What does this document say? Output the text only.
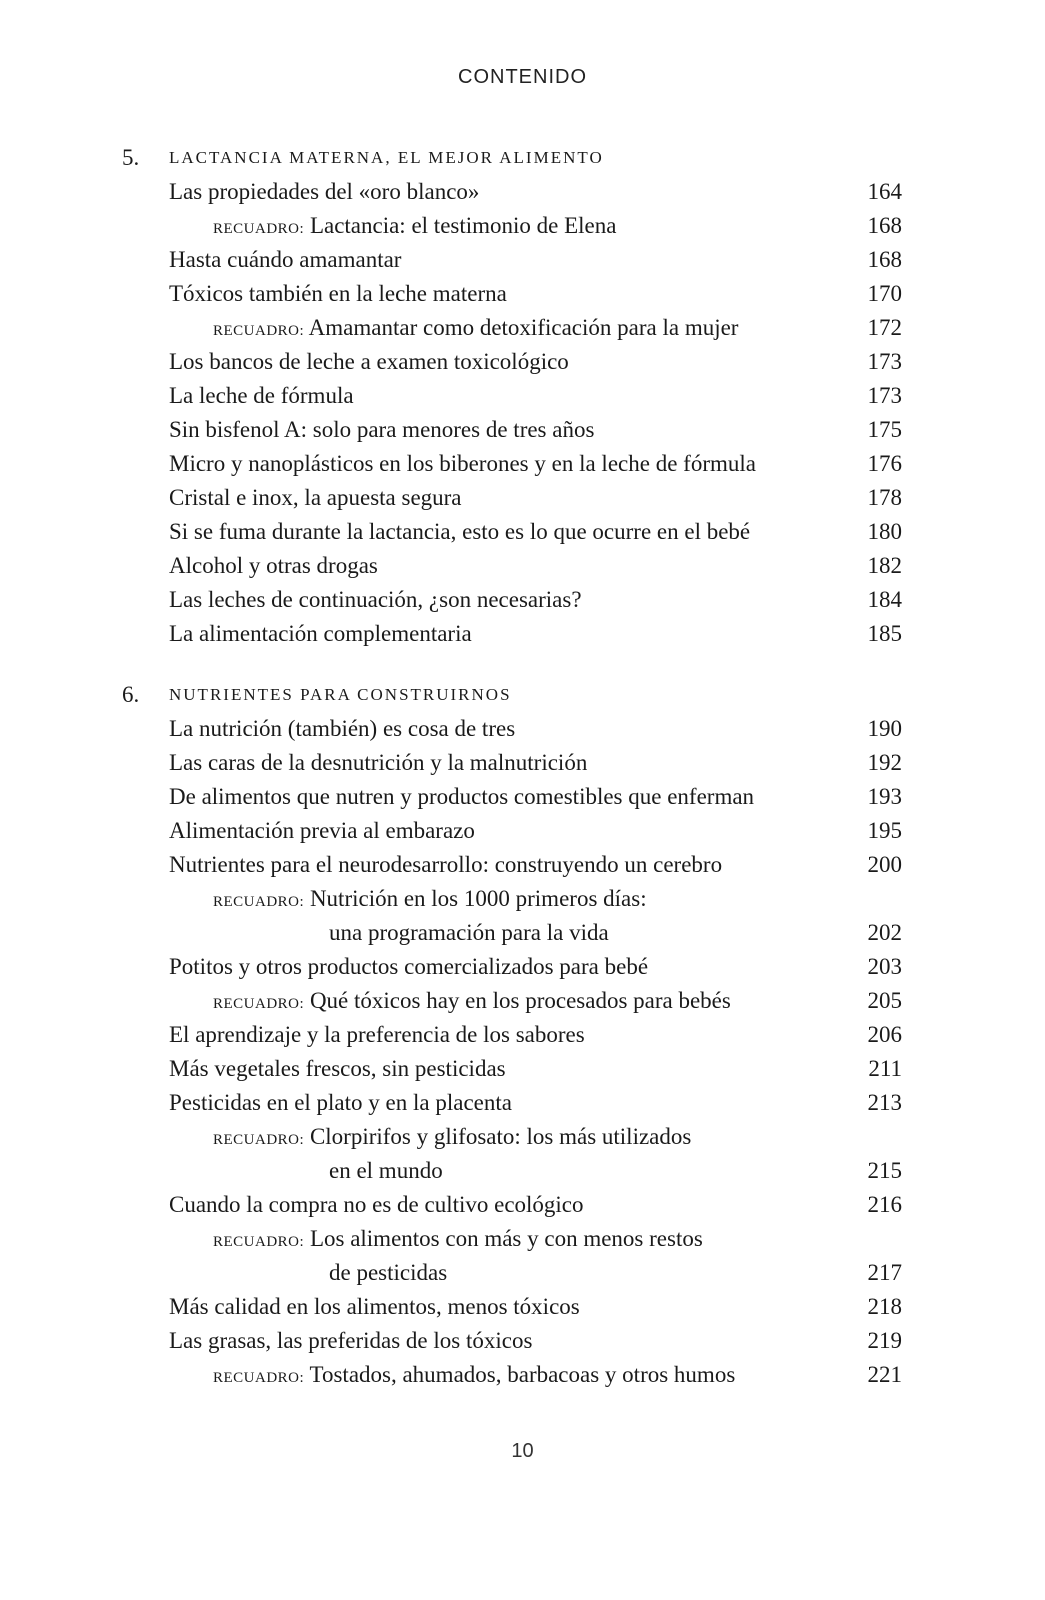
CONTENIDO
5. LACTANCIA MATERNA, EL MEJOR ALIMENTO
Las propiedades del «oro blanco»	164
RECUADRO: Lactancia: el testimonio de Elena	168
Hasta cuándo amamantar	168
Tóxicos también en la leche materna	170
RECUADRO: Amamantar como detoxificación para la mujer	172
Los bancos de leche a examen toxicológico	173
La leche de fórmula	173
Sin bisfenol A: solo para menores de tres años	175
Micro y nanoplásticos en los biberones y en la leche de fórmula	176
Cristal e inox, la apuesta segura	178
Si se fuma durante la lactancia, esto es lo que ocurre en el bebé	180
Alcohol y otras drogas	182
Las leches de continuación, ¿son necesarias?	184
La alimentación complementaria	185
6. NUTRIENTES PARA CONSTRUIRNOS
La nutrición (también) es cosa de tres	190
Las caras de la desnutrición y la malnutrición	192
De alimentos que nutren y productos comestibles que enferman	193
Alimentación previa al embarazo	195
Nutrientes para el neurodesarrollo: construyendo un cerebro	200
RECUADRO: Nutrición en los 1000 primeros días:
una programación para la vida	202
Potitos y otros productos comercializados para bebé	203
RECUADRO: Qué tóxicos hay en los procesados para bebés	205
El aprendizaje y la preferencia de los sabores	206
Más vegetales frescos, sin pesticidas	211
Pesticidas en el plato y en la placenta	213
RECUADRO: Clorpirifos y glifosato: los más utilizados
en el mundo	215
Cuando la compra no es de cultivo ecológico	216
RECUADRO: Los alimentos con más y con menos restos
de pesticidas	217
Más calidad en los alimentos, menos tóxicos	218
Las grasas, las preferidas de los tóxicos	219
RECUADRO: Tostados, ahumados, barbacoas y otros humos	221
10
